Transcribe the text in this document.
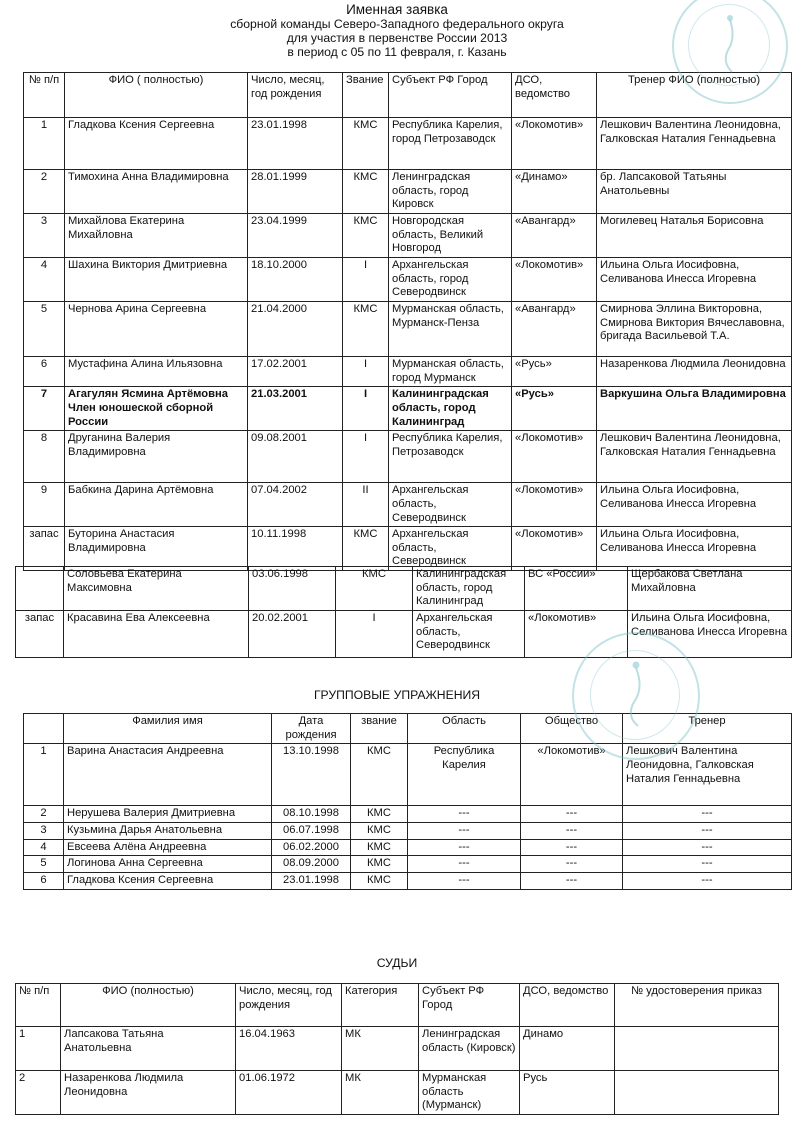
Именная заявка
сборной команды Северо-Западного федерального округа
для участия в первенстве России 2013
в период с 05 по 11 февраля, г. Казань
№ п/п	ФИО ( полностью)	Число, месяц, год рождения	Звание	Субъект РФ Город	ДСО, ведомство	Тренер ФИО (полностью)
1	Гладкова Ксения Сергеевна	23.01.1998	КМС	Республика Карелия, город Петрозаводск	«Локомотив»	Лешкович Валентина Леонидовна, Галковская Наталия Геннадьевна
2	Тимохина Анна Владимировна	28.01.1999	КМС	Ленинградская область, город Кировск	«Динамо»	бр. Лапсаковой Татьяны Анатольевны
3	Михайлова Екатерина Михайловна	23.04.1999	КМС	Новгородская область, Великий Новгород	«Авангард»	Могилевец Наталья Борисовна
4	Шахина Виктория Дмитриевна	18.10.2000	I	Архангельская область, город Северодвинск	«Локомотив»	Ильина Ольга Иосифовна, Селиванова Инесса Игоревна
5	Чернова Арина Сергеевна	21.04.2000	КМС	Мурманская область, Мурманск-Пенза	«Авангард»	Смирнова Эллина Викторовна, Смирнова Виктория Вячеславовна, бригада Васильевой Т.А.
6	Мустафина Алина Ильязовна	17.02.2001	I	Мурманская область, город Мурманск	«Русь»	Назаренкова Людмила Леонидовна
7	Агагулян Ясмина Артёмовна Член юношеской сборной России	21.03.2001	I	Калининградская область, город Калининград	«Русь»	Варкушина Ольга Владимировна
8	Друганина Валерия Владимировна	09.08.2001	I	Республика Карелия, Петрозаводск	«Локомотив»	Лешкович Валентина Леонидовна, Галковская Наталия Геннадьевна
9	Бабкина Дарина Артёмовна	07.04.2002	II	Архангельская область, Северодвинск	«Локомотив»	Ильина Ольга Иосифовна, Селиванова Инесса Игоревна
запас	Буторина Анастасия Владимировна	10.11.1998	КМС	Архангельская область, Северодвинск	«Локомотив»	Ильина Ольга Иосифовна, Селиванова Инесса Игоревна
	Соловьева Екатерина Максимовна	03.06.1998	КМС	Калининградская область, город Калининград	ВС «России»	Щербакова Светлана Михайловна
запас	Красавина Ева Алексеевна	20.02.2001	I	Архангельская область, Северодвинск	«Локомотив»	Ильина Ольга Иосифовна, Селиванова Инесса Игоревна
ГРУППОВЫЕ УПРАЖНЕНИЯ
	Фамилия имя	Дата рождения	звание	Область	Общество	Тренер
1	Варина Анастасия Андреевна	13.10.1998	КМС	Республика Карелия	«Локомотив»	Лешкович Валентина Леонидовна, Галковская Наталия Геннадьевна
2	Нерушева Валерия Дмитриевна	08.10.1998	КМС	---	---	---
3	Кузьмина Дарья Анатольевна	06.07.1998	КМС	---	---	---
4	Евсеева Алёна Андреевна	06.02.2000	КМС	---	---	---
5	Логинова Анна Сергеевна	08.09.2000	КМС	---	---	---
6	Гладкова Ксения Сергеевна	23.01.1998	КМС	---	---	---
СУДЬИ
№ п/п	ФИО (полностью)	Число, месяц, год рождения	Категория	Субъект РФ Город	ДСО, ведомство	№ удостоверения приказ
1	Лапсакова Татьяна Анатольевна	16.04.1963	МК	Ленинградская область (Кировск)	Динамо	
2	Назаренкова Людмила Леонидовна	01.06.1972	МК	Мурманская область (Мурманск)	Русь	
